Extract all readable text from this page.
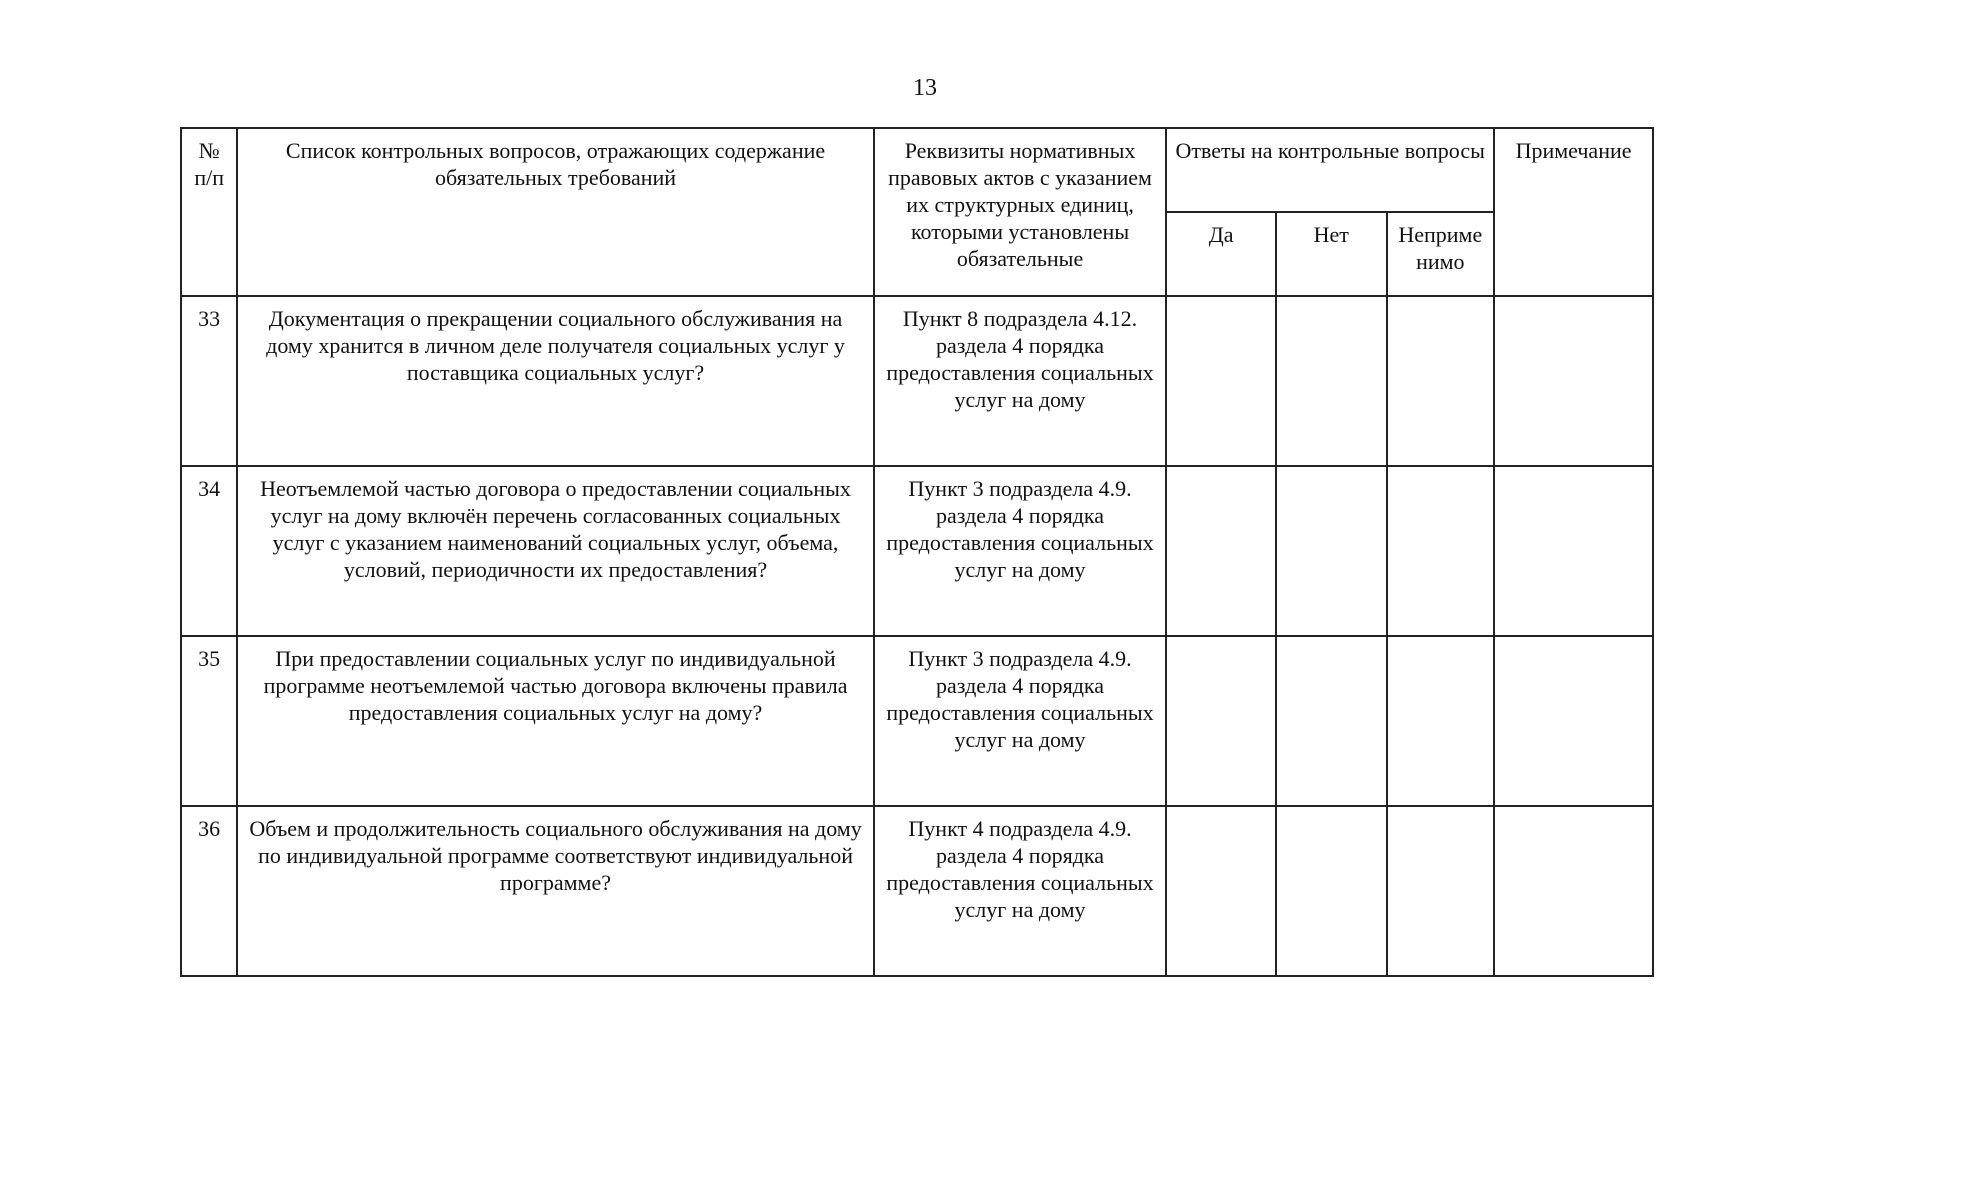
13
№ п/п	Список контрольных вопросов, отражающих содержание обязательных требований	Реквизиты нормативных правовых актов с указанием их структурных единиц, которыми установлены обязательные	Ответы на контрольные вопросы			Примечание
			Да	Нет	Неприме нимо	
33	Документация о прекращении социального обслуживания на дому хранится в личном деле получателя социальных услуг у поставщика социальных услуг?	Пункт 8 подраздела 4.12. раздела 4 порядка предоставления социальных услуг на дому				
34	Неотъемлемой частью договора о предоставлении социальных услуг на дому включён перечень согласованных социальных услуг с указанием наименований социальных услуг, объема, условий, периодичности их предоставления?	Пункт 3 подраздела 4.9. раздела 4 порядка предоставления социальных услуг на дому				
35	При предоставлении социальных услуг по индивидуальной программе неотъемлемой частью договора включены правила предоставления социальных услуг на дому?	Пункт 3 подраздела 4.9. раздела 4 порядка предоставления социальных услуг на дому				
36	Объем и продолжительность социального обслуживания на дому по индивидуальной программе соответствуют индивидуальной программе?	Пункт 4 подраздела 4.9. раздела 4 порядка предоставления социальных услуг на дому				
